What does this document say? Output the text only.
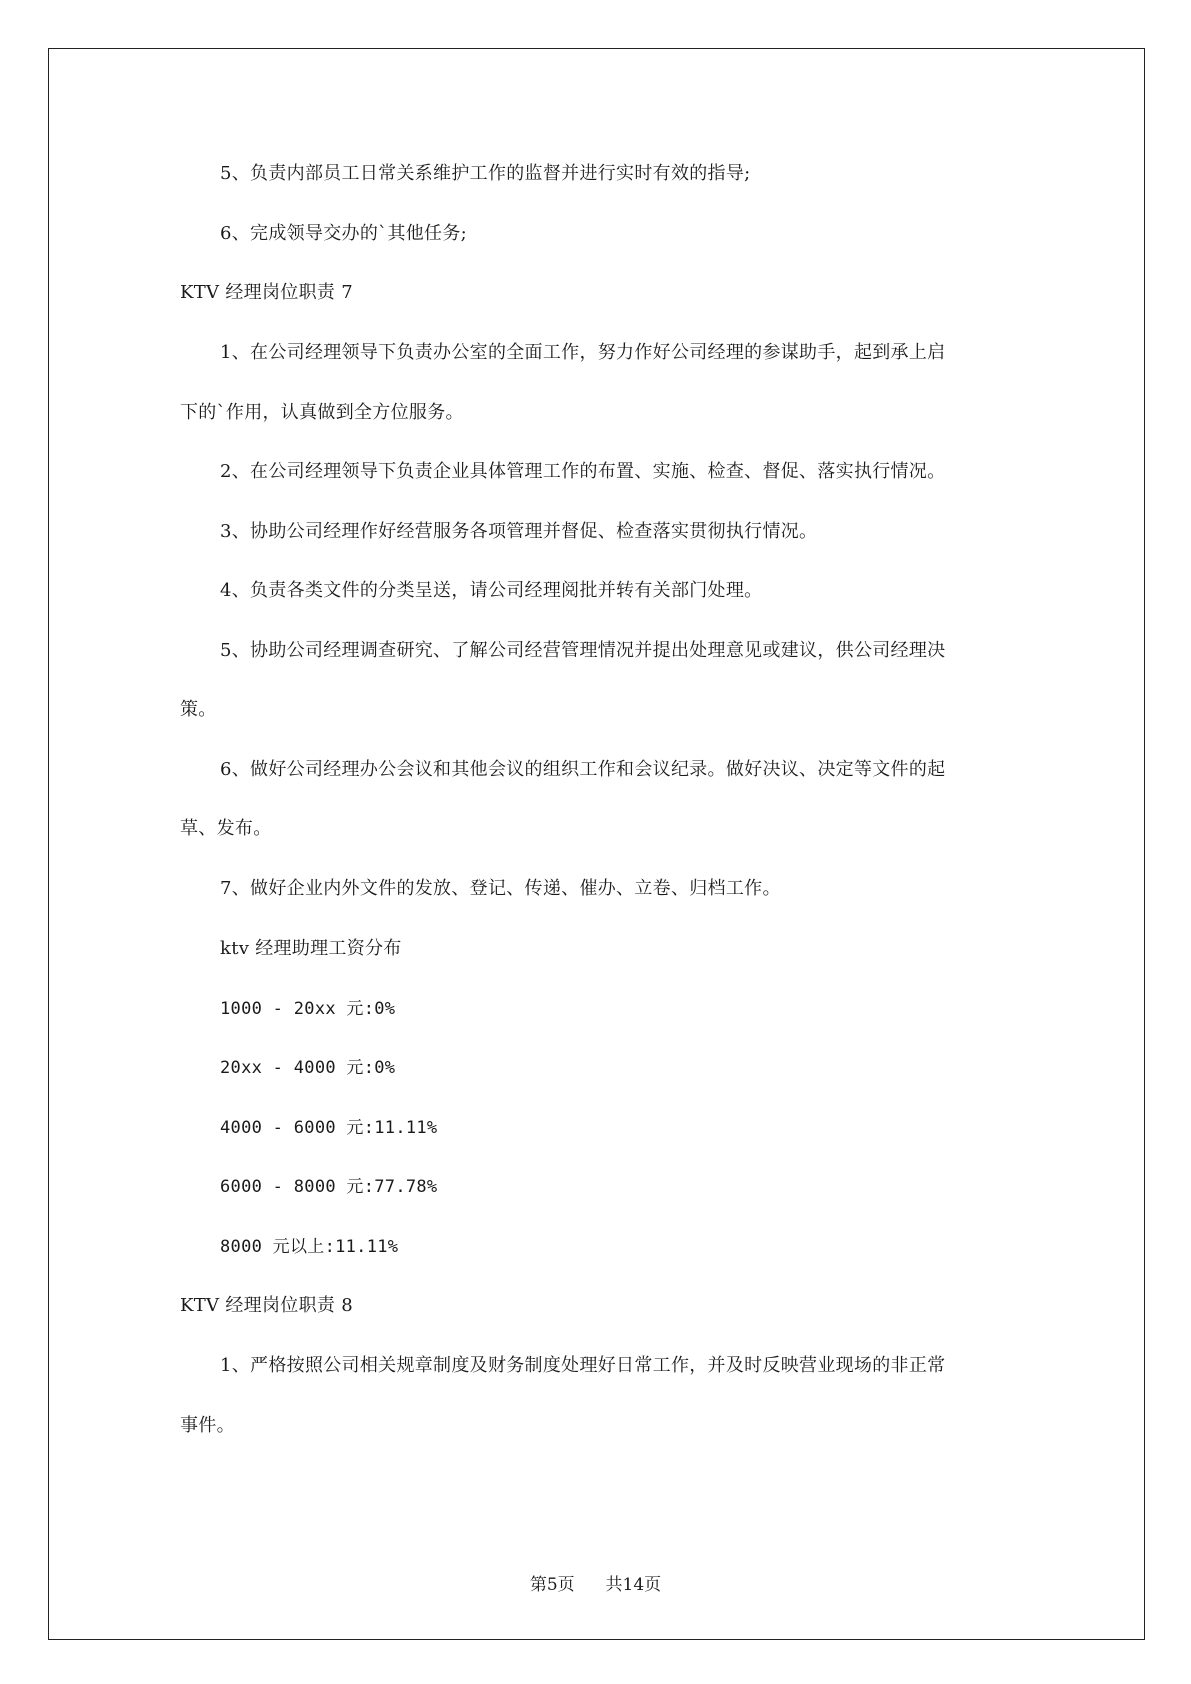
5、负责内部员工日常关系维护工作的监督并进行实时有效的指导;
6、完成领导交办的`其他任务;
KTV 经理岗位职责 7
1、在公司经理领导下负责办公室的全面工作，努力作好公司经理的参谋助手，起到承上启
下的`作用，认真做到全方位服务。
2、在公司经理领导下负责企业具体管理工作的布置、实施、检查、督促、落实执行情况。
3、协助公司经理作好经营服务各项管理并督促、检查落实贯彻执行情况。
4、负责各类文件的分类呈送，请公司经理阅批并转有关部门处理。
5、协助公司经理调查研究、了解公司经营管理情况并提出处理意见或建议，供公司经理决
策。
6、做好公司经理办公会议和其他会议的组织工作和会议纪录。做好决议、决定等文件的起
草、发布。
7、做好企业内外文件的发放、登记、传递、催办、立卷、归档工作。
ktv 经理助理工资分布
1000 - 20xx 元:0%
20xx - 4000 元:0%
4000 - 6000 元:11.11%
6000 - 8000 元:77.78%
8000 元以上:11.11%
KTV 经理岗位职责 8
1、严格按照公司相关规章制度及财务制度处理好日常工作，并及时反映营业现场的非正常
事件。
第5页 共14页
